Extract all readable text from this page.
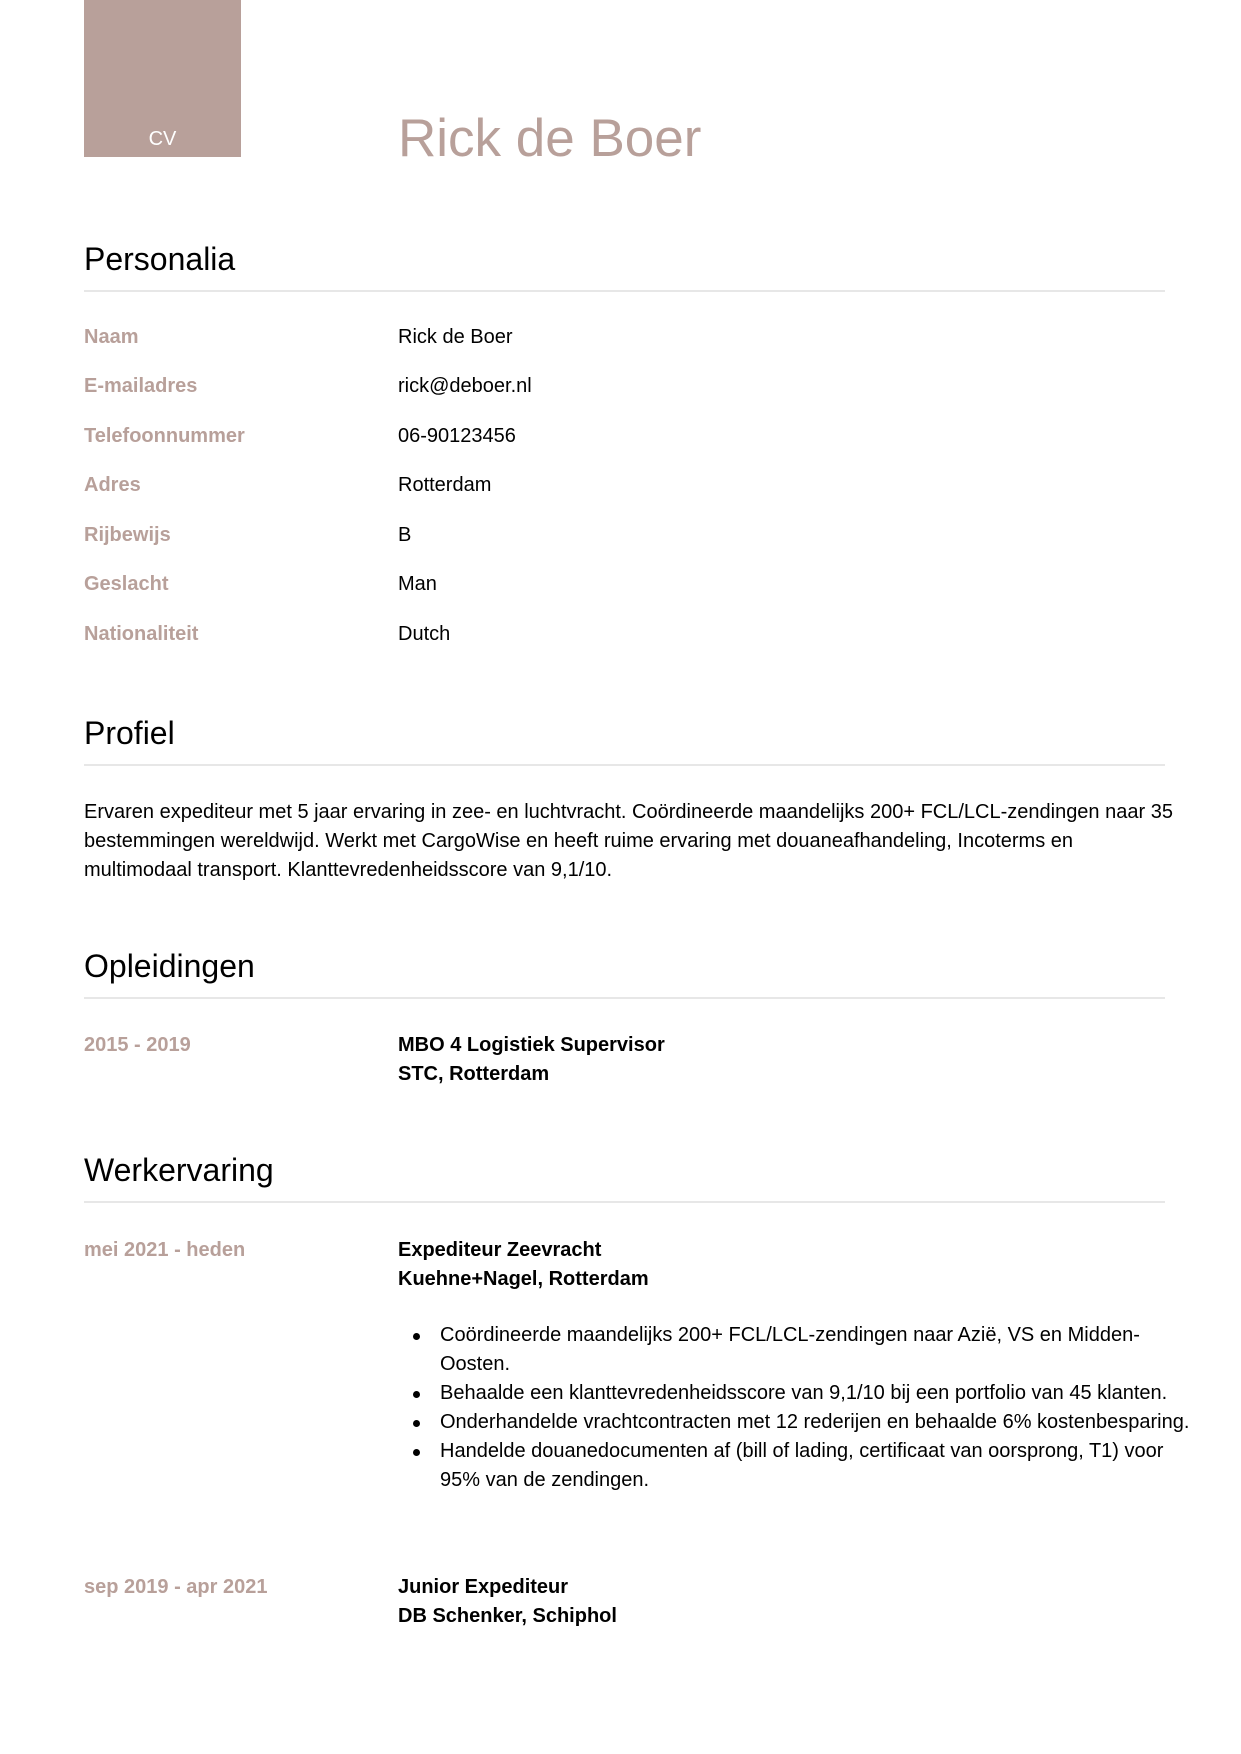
CV	Rick de Boer
Personalia
Naam	Rick de Boer
E-mailadres	rick@deboer.nl
Telefoonnummer	06-90123456
Adres	Rotterdam
Rijbewijs	B
Geslacht	Man
Nationaliteit	Dutch
Profiel
Ervaren expediteur met 5 jaar ervaring in zee- en luchtvracht. Coördineerde maandelijks 200+ FCL/LCL-zendingen naar 35 bestemmingen wereldwijd. Werkt met CargoWise en heeft ruime ervaring met douaneafhandeling, Incoterms en multimodaal transport. Klanttevredenheidsscore van 9,1/10.
Opleidingen
2015 - 2019	MBO 4 Logistiek Supervisor
STC, Rotterdam
Werkervaring
mei 2021 - heden	Expediteur Zeevracht
Kuehne+Nagel, Rotterdam
Coördineerde maandelijks 200+ FCL/LCL-zendingen naar Azië, VS en Midden-Oosten.
Behaalde een klanttevredenheidsscore van 9,1/10 bij een portfolio van 45 klanten.
Onderhandelde vrachtcontracten met 12 rederijen en behaalde 6% kostenbesparing.
Handelde douanedocumenten af (bill of lading, certificaat van oorsprong, T1) voor 95% van de zendingen.
sep 2019 - apr 2021	Junior Expediteur
DB Schenker, Schiphol
